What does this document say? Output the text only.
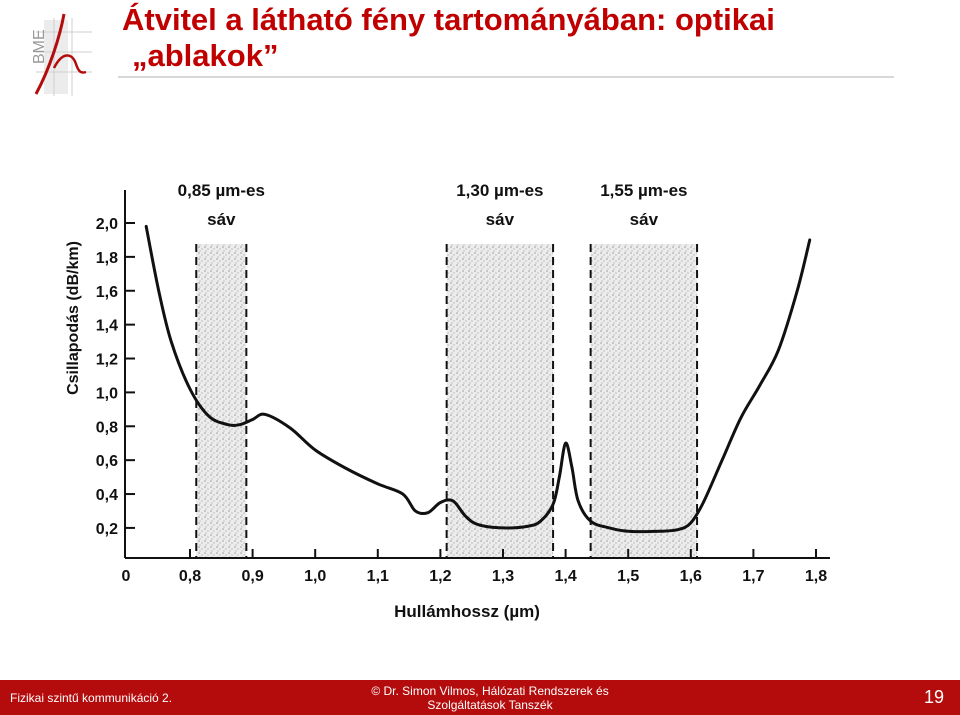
BME
Átvitel a látható fény tartományában: optikai
„ablakok”
0,85 µm-es
sáv
1,30 µm-es
sáv
1,55 µm-es
sáv
2,0
1,8
1,6
1,4
1,2
1,0
0,8
0,6
0,4
0,2
0,8	0,9	1,0	1,1	1,2	1,3	1,4	1,5	1,6	1,7	1,8
Csillapodás (dB/km)
Hullámhossz (µm)
0
Fizikai szintű kommunikáció 2.	© Dr. Simon Vilmos, Hálózati Rendszerek és
Szolgáltatások Tanszék	19
